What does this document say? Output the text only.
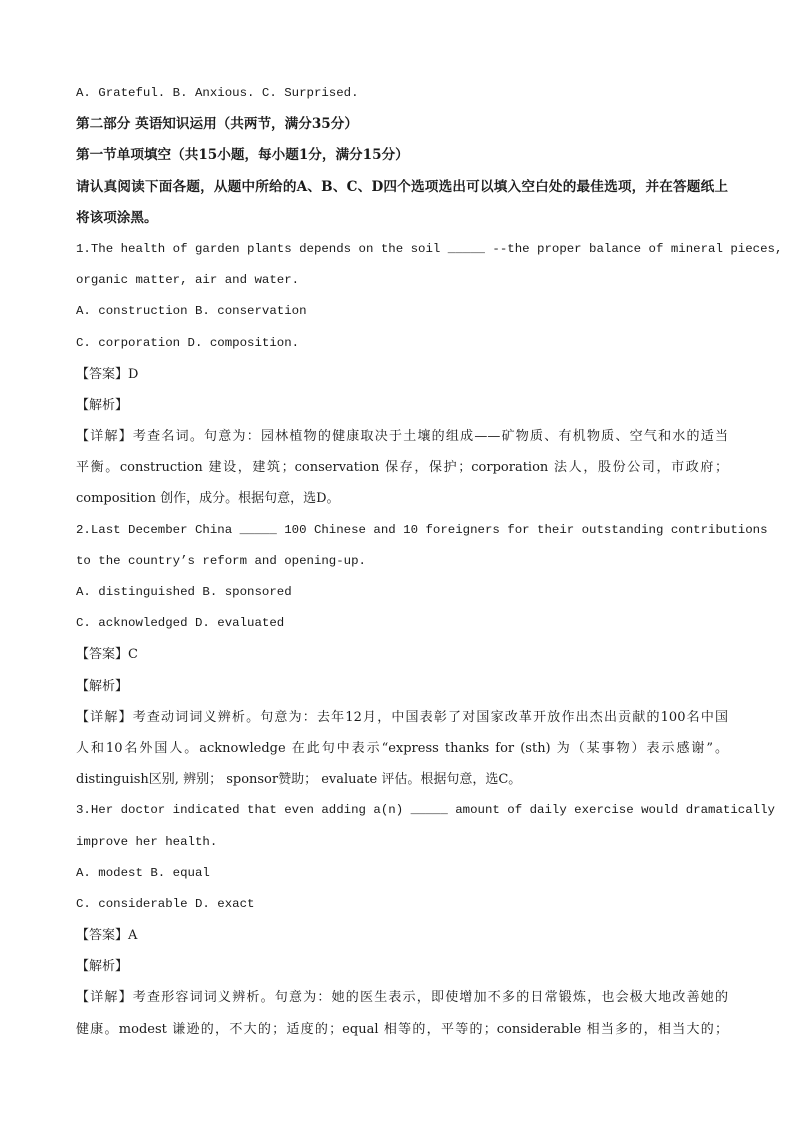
A. Grateful. B. Anxious. C. Surprised.
第二部分 英语知识运用（共两节，满分35分）
第一节单项填空（共15小题，每小题1分，满分15分）
请认真阅读下面各题，从题中所给的A、B、C、D四个选项选出可以填入空白处的最佳选项，并在答题纸上
将该项涂黑。
1.The health of garden plants depends on the soil _____ --the proper balance of mineral pieces,
organic matter, air and water.
A. construction B. conservation
C. corporation D. composition.
【答案】D
【解析】
【详解】考查名词。句意为：园林植物的健康取决于土壤的组成——矿物质、有机物质、空气和水的适当
平衡。construction 建设，建筑；conservation 保存，保护；corporation 法人，股份公司，市政府；
composition 创作，成分。根据句意，选D。
2.Last December China _____ 100 Chinese and 10 foreigners for their outstanding contributions
to the country’s reform and opening-up.
A. distinguished B. sponsored
C. acknowledged D. evaluated
【答案】C
【解析】
【详解】考查动词词义辨析。句意为：去年12月，中国表彰了对国家改革开放作出杰出贡献的100名中国
人和10名外国人。acknowledge 在此句中表示“express thanks for (sth) 为（某事物）表示感谢”。
distinguish区别, 辨别； sponsor赞助； evaluate 评估。根据句意，选C。
3.Her doctor indicated that even adding a(n) _____ amount of daily exercise would dramatically
improve her health.
A. modest B. equal
C. considerable D. exact
【答案】A
【解析】
【详解】考查形容词词义辨析。句意为：她的医生表示，即使增加不多的日常锻炼，也会极大地改善她的
健康。modest 谦逊的，不大的；适度的；equal 相等的，平等的；considerable 相当多的，相当大的；
